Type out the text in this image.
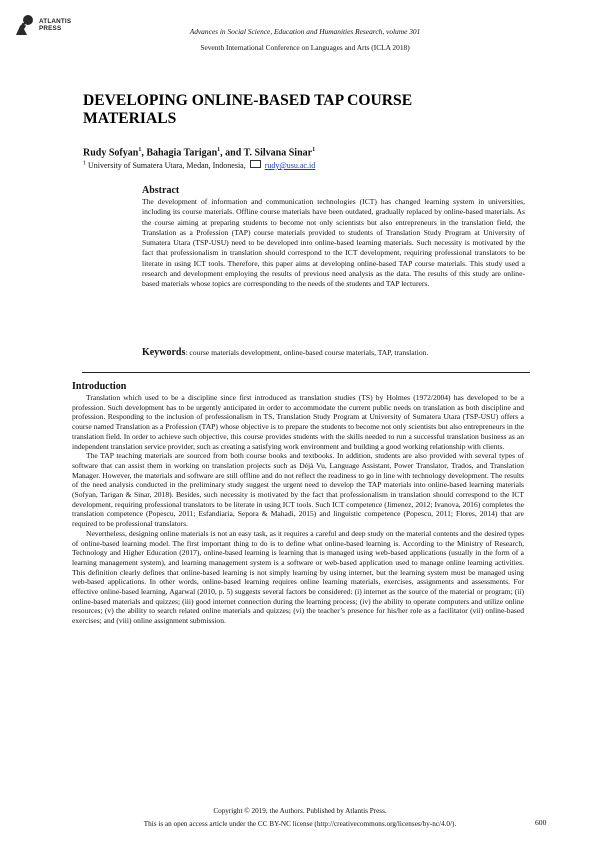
ATLANTIS
PRESS	Advances in Social Science, Education and Humanities Research, volume 301
Seventh International Conference on Languages and Arts (ICLA 2018)
DEVELOPING ONLINE-BASED TAP COURSE MATERIALS
Rudy Sofyan$^1$, Bahagia Tarigan$^1$, and T. Silvana Sinar$^1$
$^1$ University of Sumatera Utara, Medan, Indonesia, rudy@usu.ac.id
Abstract
The development of information and communication technologies (ICT) has changed learning system in universities, including its course materials. Offline course materials have been outdated, gradually replaced by online-based materials. As the course aiming at preparing students to become not only scientists but also entrepreneurs in the translation field, the Translation as a Profession (TAP) course materials provided to students of Translation Study Program at University of Sumatera Utara (TSP-USU) need to be developed into online-based learning materials. Such necessity is motivated by the fact that professionalism in translation should correspond to the ICT development, requiring professional translators to be literate in using ICT tools. Therefore, this paper aims at developing online-based TAP course materials. This study used a research and development employing the results of previous need analysis as the data. The results of this study are online-based materials whose topics are corresponding to the needs of the students and TAP lecturers.
Keywords: course materials development, online-based course materials, TAP, translation.
Introduction

Translation which used to be a discipline since first introduced as translation studies (TS) by Holmes (1972/2004) has developed to be a profession. Such development has to be urgently anticipated in order to accommodate the current public needs on translation as both discipline and profession. Responding to the inclusion of professionalism in TS, Translation Study Program at University of Sumatera Utara (TSP-USU) offers a course named Translation as a Profession (TAP) whose objective is to prepare the students to become not only scientists but also entrepreneurs in the translation field. In order to achieve such objective, this course provides students with the skills needed to run a successful translation business as an independent translation service provider, such as creating a satisfying work environment and building a good working relationship with clients.

The TAP teaching materials are sourced from both course books and textbooks. In addition, students are also provided with several types of software that can assist them in working on translation projects such as Déjà Vu, Language Assistant, Power Translator, Trados, and Translation Manager. However, the materials and software are still offline and do not reflect the readiness to go in line with technology development. The results of the need analysis conducted in the preliminary study suggest the urgent need to develop the TAP materials into online-based learning materials (Sofyan, Tarigan & Sinar, 2018). Besides, such necessity is motivated by the fact that professionalism in translation should correspond to the ICT development, requiring professional translators to be literate in using ICT tools. Such ICT competence (Jimenez, 2012; Ivanova, 2016) completes the translation competence (Popescu, 2011; Esfandiaria, Sepora & Mahadi, 2015) and linguistic competence (Popescu, 2011; Flores, 2014) that are required to be professional translators.

Nevertheless, designing online materials is not an easy task, as it requires a careful and deep study on the material contents and the desired types of online-based learning model. The first important thing to do is to define what online-based learning is. According to the Ministry of Research, Technology and Higher Education (2017), online-based learning is learning that is managed using web-based applications (usually in the form of a learning management system), and learning management system is a software or web-based application used to manage online learning activities. This definition clearly defines that online-based learning is not simply learning by using internet, but the learning system must be managed using web-based applications. In other words, online-based learning requires online learning materials, exercises, assignments and assessments. For effective online-based learning, Agarwal (2010, p. 5) suggests several factors be considered: (i) internet as the source of the material or program; (ii) online-based materials and quizzes; (iii) good internet connection during the learning process; (iv) the ability to operate computers and utilize online resources; (v) the ability to search related online materials and quizzes; (vi) the teacher’s presence for his/her role as a facilitator (vii) online-based exercises; and (viii) online assignment submission.

Copyright © 2019, the Authors. Published by Atlantis Press.
This is an open access article under the CC BY-NC license (http://creativecommons.org/licenses/by-nc/4.0/).	600
